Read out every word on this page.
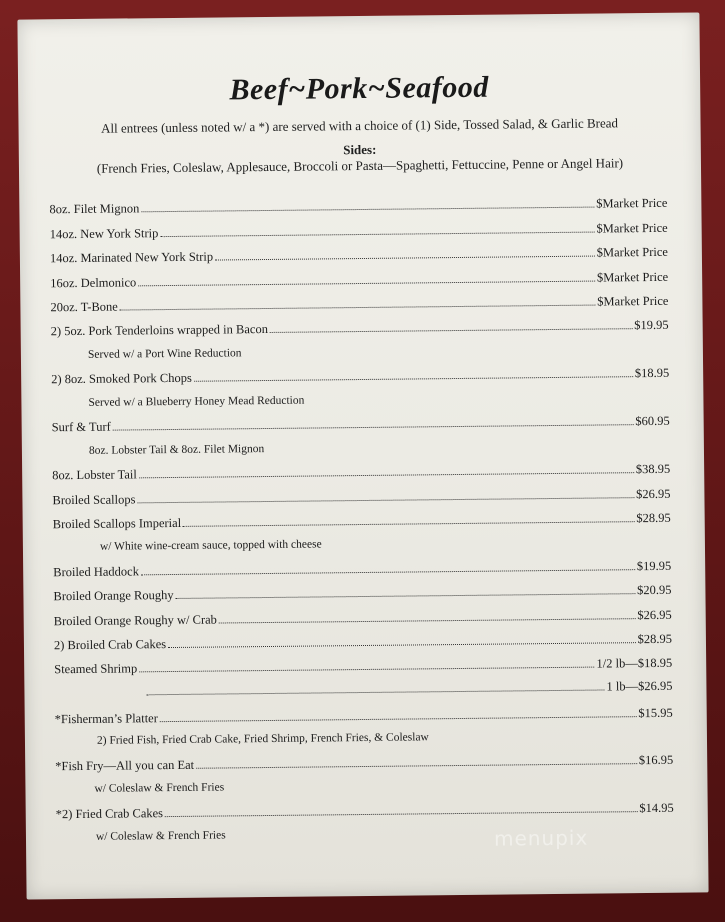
Beef~Pork~Seafood
All entrees (unless noted w/ a *) are served with a choice of (1) Side, Tossed Salad, & Garlic Bread
Sides:
(French Fries, Coleslaw, Applesauce, Broccoli or Pasta—Spaghetti, Fettuccine, Penne or Angel Hair)
8oz. Filet Mignon	$Market Price
14oz. New York Strip	$Market Price
14oz. Marinated New York Strip	$Market Price
16oz. Delmonico	$Market Price
20oz. T-Bone	$Market Price
2) 5oz. Pork Tenderloins wrapped in Bacon	$19.95
Served w/ a Port Wine Reduction
2) 8oz. Smoked Pork Chops	$18.95
Served w/ a Blueberry Honey Mead Reduction
Surf & Turf	$60.95
8oz. Lobster Tail & 8oz. Filet Mignon
8oz. Lobster Tail	$38.95
Broiled Scallops	$26.95
Broiled Scallops Imperial	$28.95
w/ White wine-cream sauce, topped with cheese
Broiled Haddock	$19.95
Broiled Orange Roughy	$20.95
Broiled Orange Roughy w/ Crab	$26.95
2) Broiled Crab Cakes	$28.95
Steamed Shrimp	1/2 lb—$18.95
1 lb—$26.95
*Fisherman’s Platter	$15.95
2) Fried Fish, Fried Crab Cake, Fried Shrimp, French Fries, & Coleslaw
*Fish Fry—All you can Eat	$16.95
w/ Coleslaw & French Fries
*2) Fried Crab Cakes	$14.95
w/ Coleslaw & French Fries	menupix
